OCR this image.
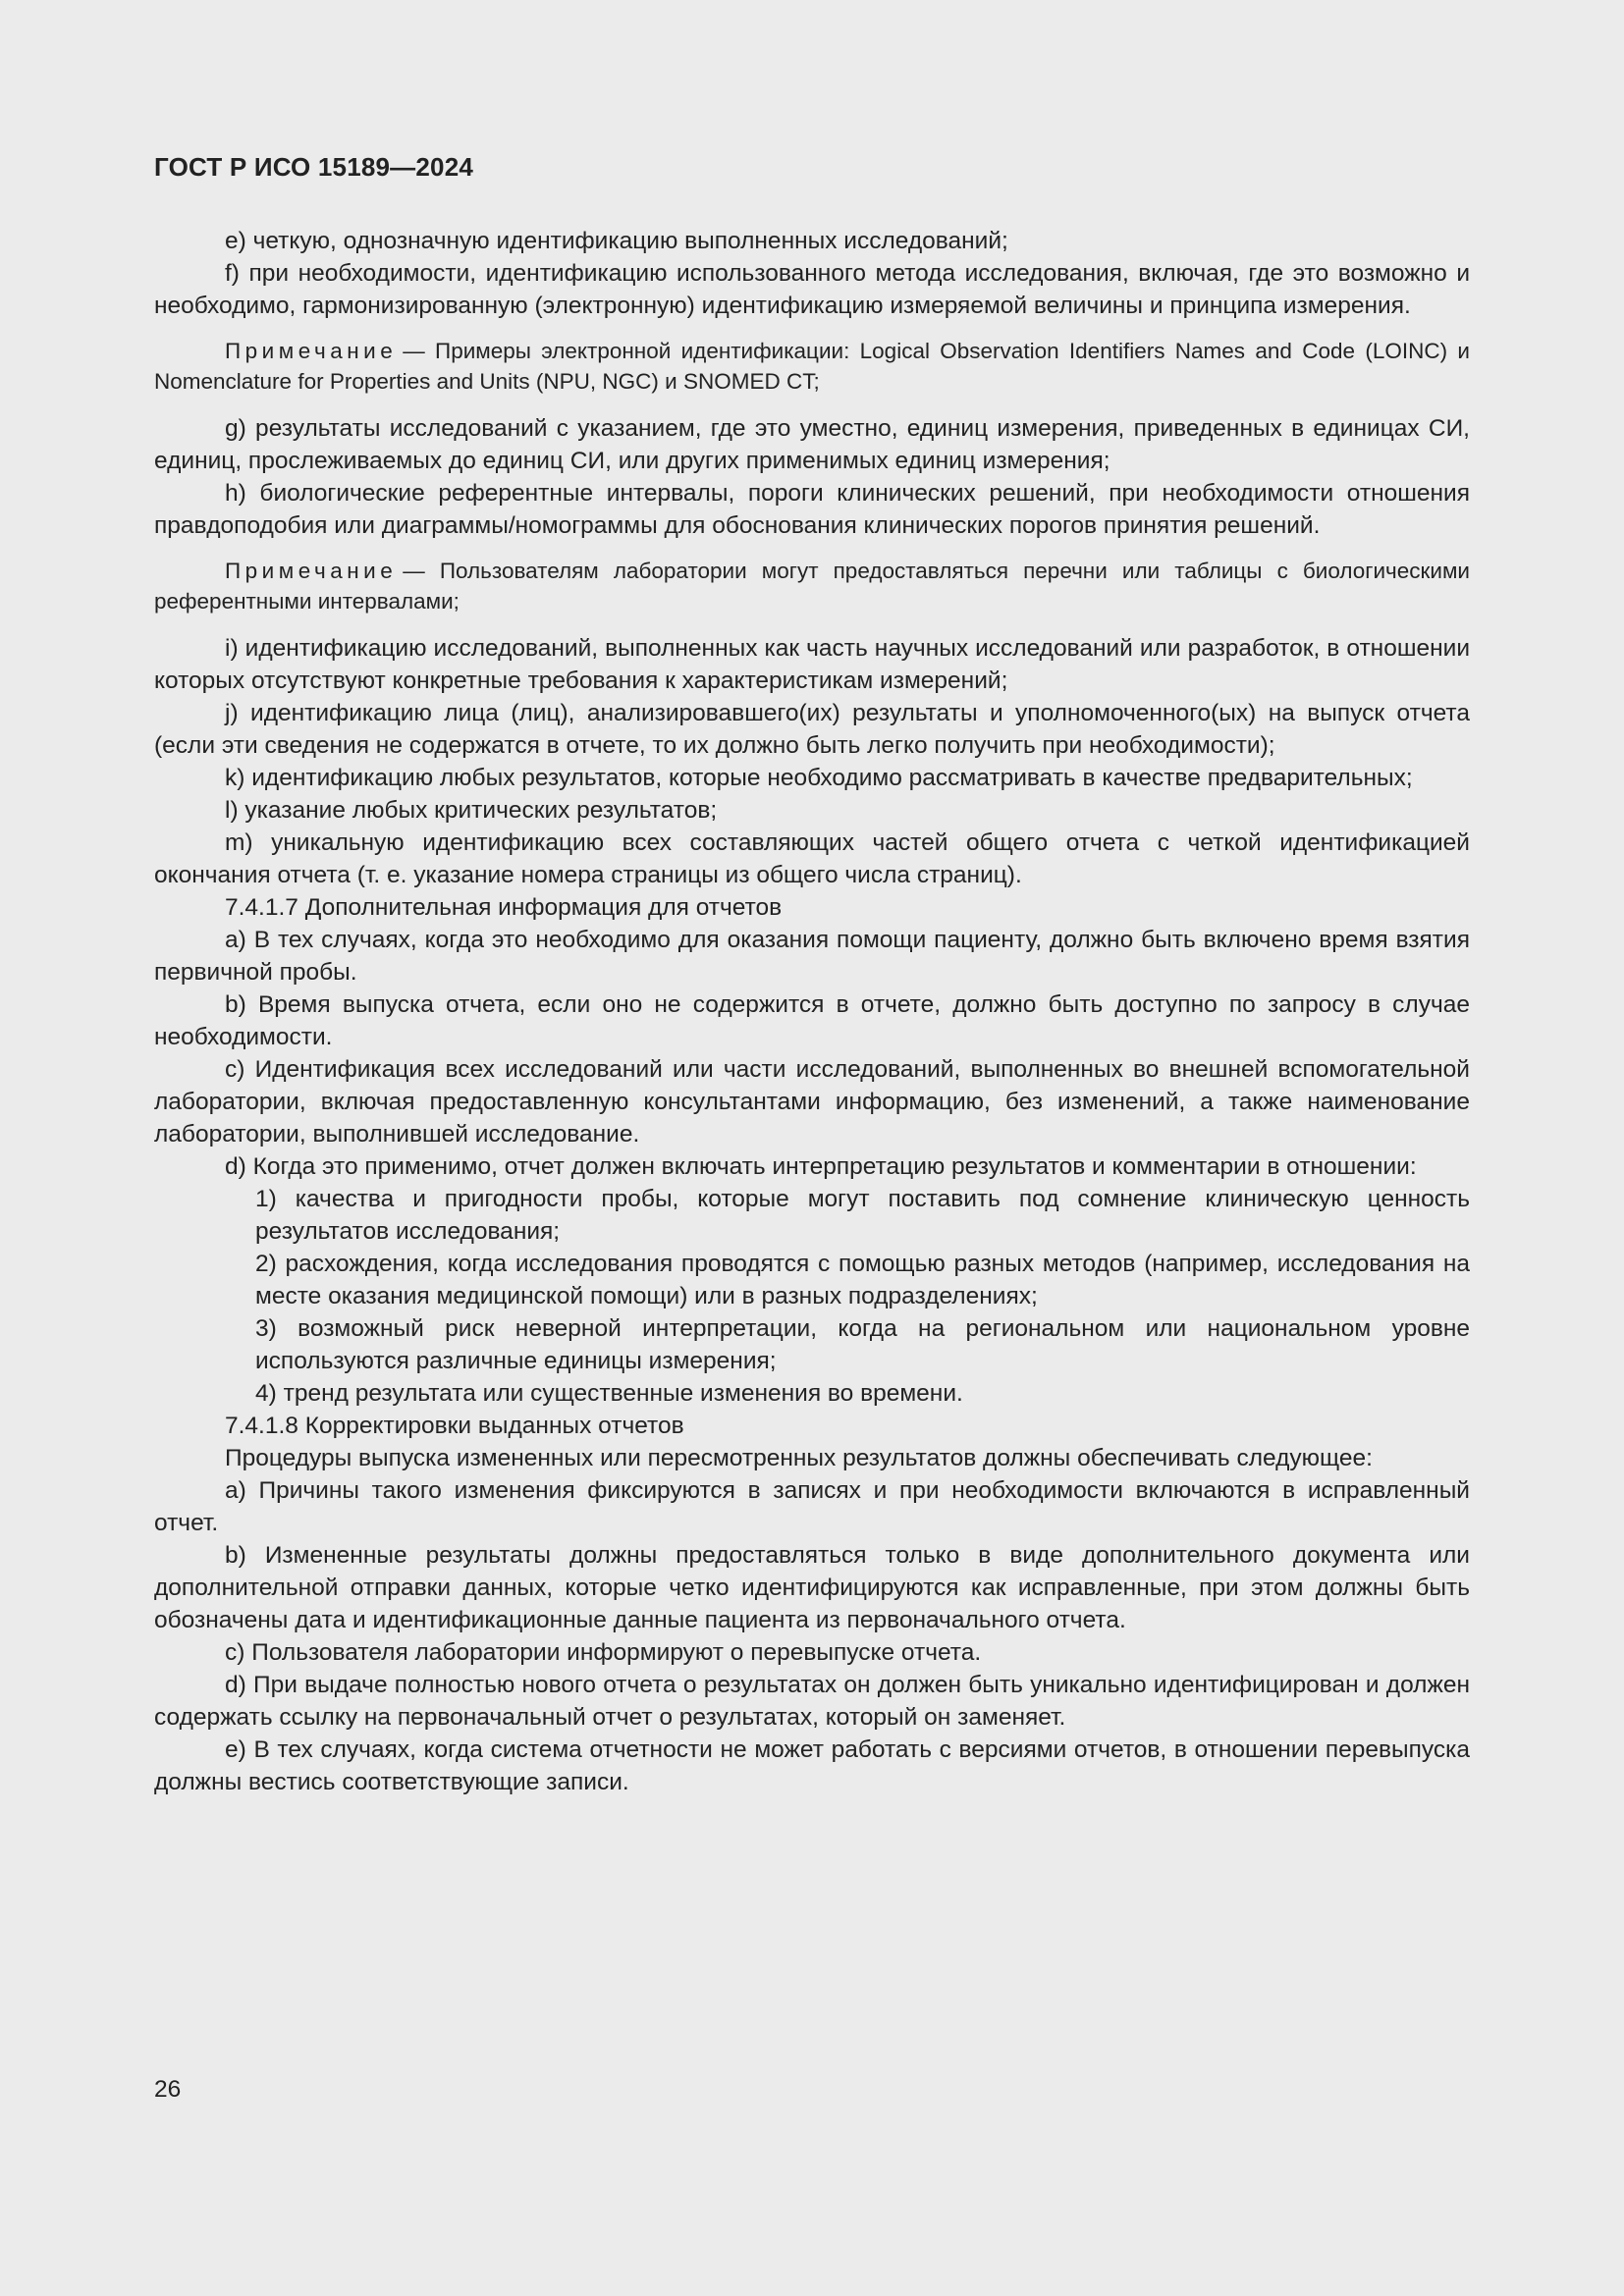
ГОСТ Р ИСО 15189—2024

е) четкую, однозначную идентификацию выполненных исследований;

f) при необходимости, идентификацию использованного метода исследования, включая, где это возможно и необходимо, гармонизированную (электронную) идентификацию измеряемой величины и принципа измерения.

Примечание — Примеры электронной идентификации: Logical Observation Identifiers Names and Code (LOINC) и Nomenclature for Properties and Units (NPU, NGC) и SNOMED CT;

g) результаты исследований с указанием, где это уместно, единиц измерения, приведенных в единицах СИ, единиц, прослеживаемых до единиц СИ, или других применимых единиц измерения;

h) биологические референтные интервалы, пороги клинических решений, при необходимости отношения правдоподобия или диаграммы/номограммы для обоснования клинических порогов принятия решений.

Примечание — Пользователям лаборатории могут предоставляться перечни или таблицы с биологическими референтными интервалами;

i) идентификацию исследований, выполненных как часть научных исследований или разработок, в отношении которых отсутствуют конкретные требования к характеристикам измерений;

j) идентификацию лица (лиц), анализировавшего(их) результаты и уполномоченного(ых) на выпуск отчета (если эти сведения не содержатся в отчете, то их должно быть легко получить при необходимости);

k) идентификацию любых результатов, которые необходимо рассматривать в качестве предварительных;

l) указание любых критических результатов;

m) уникальную идентификацию всех составляющих частей общего отчета с четкой идентификацией окончания отчета (т. е. указание номера страницы из общего числа страниц).

7.4.1.7 Дополнительная информация для отчетов

а) В тех случаях, когда это необходимо для оказания помощи пациенту, должно быть включено время взятия первичной пробы.

b) Время выпуска отчета, если оно не содержится в отчете, должно быть доступно по запросу в случае необходимости.

с) Идентификация всех исследований или части исследований, выполненных во внешней вспомогательной лаборатории, включая предоставленную консультантами информацию, без изменений, а также наименование лаборатории, выполнившей исследование.

d) Когда это применимо, отчет должен включать интерпретацию результатов и комментарии в отношении:

1) качества и пригодности пробы, которые могут поставить под сомнение клиническую ценность результатов исследования;

2) расхождения, когда исследования проводятся с помощью разных методов (например, исследования на месте оказания медицинской помощи) или в разных подразделениях;

3) возможный риск неверной интерпретации, когда на региональном или национальном уровне используются различные единицы измерения;

4) тренд результата или существенные изменения во времени.

7.4.1.8 Корректировки выданных отчетов

Процедуры выпуска измененных или пересмотренных результатов должны обеспечивать следующее:

а) Причины такого изменения фиксируются в записях и при необходимости включаются в исправленный отчет.

b) Измененные результаты должны предоставляться только в виде дополнительного документа или дополнительной отправки данных, которые четко идентифицируются как исправленные, при этом должны быть обозначены дата и идентификационные данные пациента из первоначального отчета.

с) Пользователя лаборатории информируют о перевыпуске отчета.

d) При выдаче полностью нового отчета о результатах он должен быть уникально идентифицирован и должен содержать ссылку на первоначальный отчет о результатах, который он заменяет.

е) В тех случаях, когда система отчетности не может работать с версиями отчетов, в отношении перевыпуска должны вестись соответствующие записи.

26
